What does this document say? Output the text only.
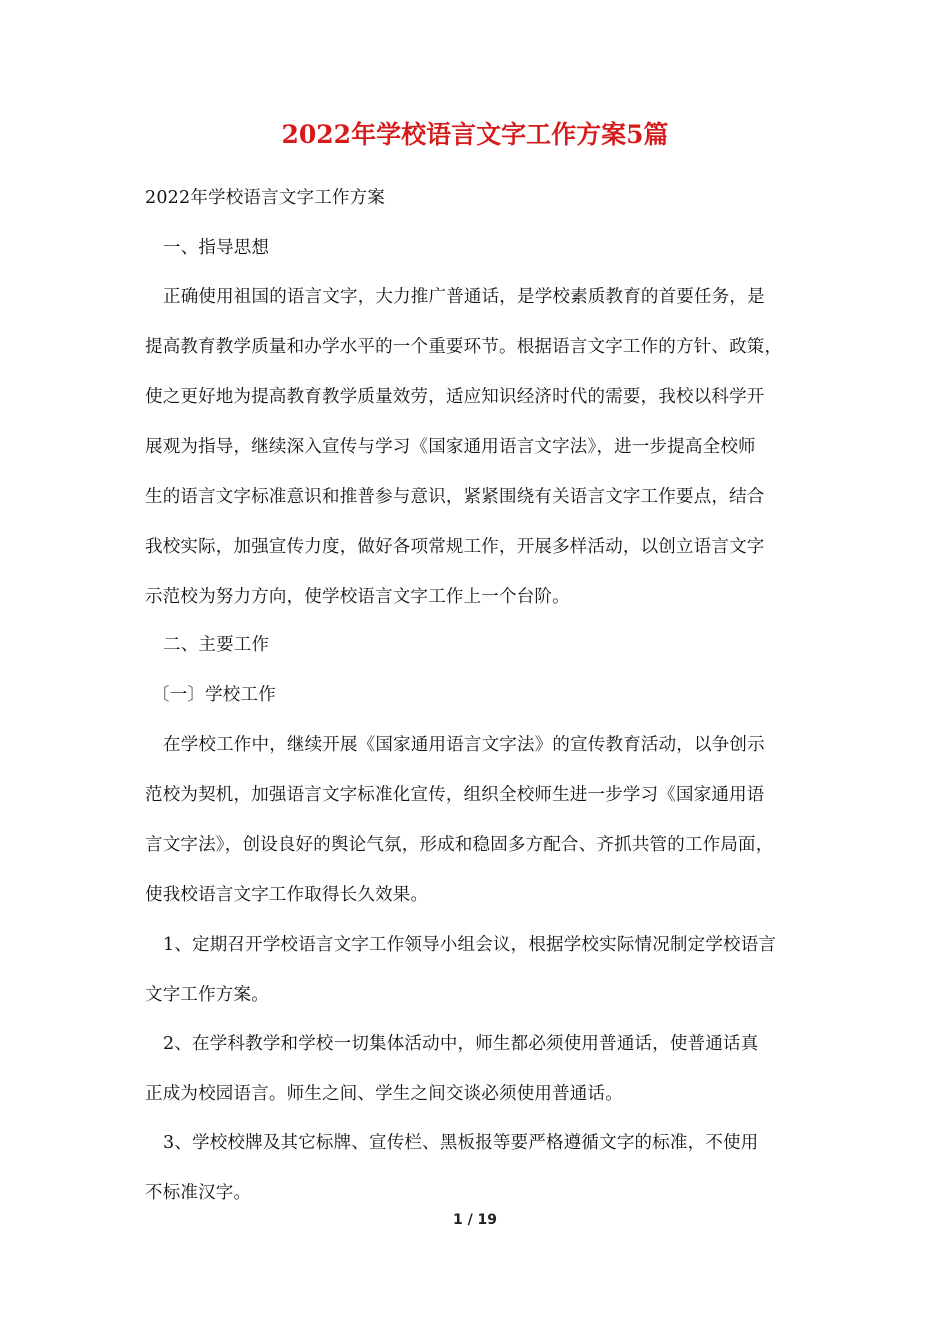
2022年学校语言文字工作方案5篇
2022年学校语言文字工作方案
一、指导思想
正确使用祖国的语言文字，大力推广普通话，是学校素质教育的首要任务，是
提高教育教学质量和办学水平的一个重要环节。根据语言文字工作的方针、政策，
使之更好地为提高教育教学质量效劳，适应知识经济时代的需要，我校以科学开
展观为指导，继续深入宣传与学习《国家通用语言文字法》，进一步提高全校师
生的语言文字标准意识和推普参与意识，紧紧围绕有关语言文字工作要点，结合
我校实际，加强宣传力度，做好各项常规工作，开展多样活动，以创立语言文字
示范校为努力方向，使学校语言文字工作上一个台阶。
二、主要工作
〔一〕学校工作
在学校工作中，继续开展《国家通用语言文字法》的宣传教育活动，以争创示
范校为契机，加强语言文字标准化宣传，组织全校师生进一步学习《国家通用语
言文字法》，创设良好的舆论气氛，形成和稳固多方配合、齐抓共管的工作局面，
使我校语言文字工作取得长久效果。
1、定期召开学校语言文字工作领导小组会议，根据学校实际情况制定学校语言
文字工作方案。
2、在学科教学和学校一切集体活动中，师生都必须使用普通话，使普通话真
正成为校园语言。师生之间、学生之间交谈必须使用普通话。
3、学校校牌及其它标牌、宣传栏、黑板报等要严格遵循文字的标准，不使用
不标准汉字。
1 / 19
